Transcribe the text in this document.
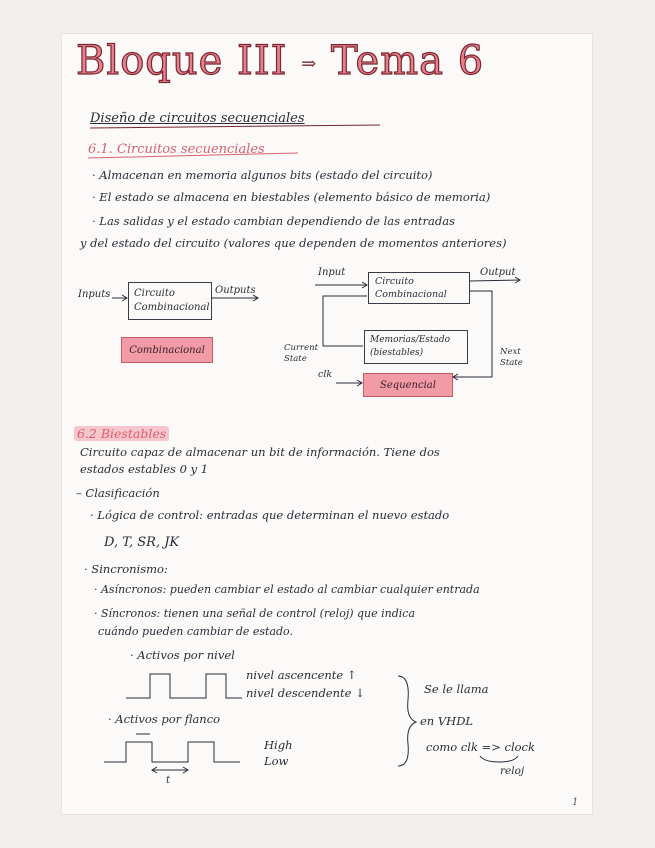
Bloque III ⇒ Tema 6
Diseño de circuitos secuenciales
6.1. Circuitos secuenciales
· Almacenan en memoria algunos bits (estado del circuito)
· El estado se almacena en biestables (elemento básico de memoria)
· Las salidas y el estado cambian dependiendo de las entradas
y del estado del circuito (valores que dependen de momentos anteriores)
Inputs	Circuito Combinacional
Outputs
Combinacional
Input
Circuito Combinacional
Output
Memorias/Estado (biestables)
Current State
Next State
clk
Sequencial
6.2 Biestables
Circuito capaz de almacenar un bit de información. Tiene dos
estados estables 0 y 1
– Clasificación
· Lógica de control: entradas que determinan el nuevo estado
D, T, SR, JK
· Sincronismo:
· Asíncronos: pueden cambiar el estado al cambiar cualquier entrada
· Síncronos: tienen una señal de control (reloj) que indica
cuándo pueden cambiar de estado.
· Activos por nivel
nivel ascencente ↑
nivel descendente ↓
· Activos por flanco
High
Low
t
Se le llama
en VHDL
como clk => clock
reloj
1
